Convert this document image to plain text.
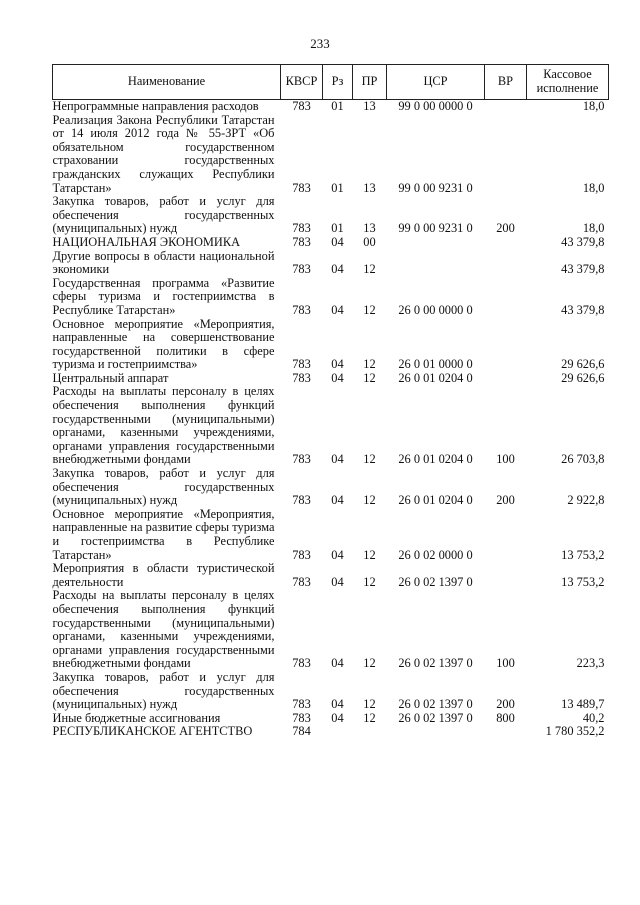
233
Наименование	КВСР	Рз	ПР	ЦСР	ВР	Кассовое исполнение
Непрограммные направления расходов	783	01	13	99 0 00 0000 0		18,0
Реализация Закона Республики Татарстан от 14 июля 2012 года № 55-ЗРТ «Об обязательном государственном страховании государственных гражданских служащих Республики Татарстан»	783	01	13	99 0 00 9231 0		18,0
Закупка товаров, работ и услуг для обеспечения государственных (муниципальных) нужд	783	01	13	99 0 00 9231 0	200	18,0
НАЦИОНАЛЬНАЯ ЭКОНОМИКА	783	04	00			43 379,8
Другие вопросы в области национальной экономики	783	04	12			43 379,8
Государственная программа «Развитие сферы туризма и гостеприимства в Республике Татарстан»	783	04	12	26 0 00 0000 0		43 379,8
Основное мероприятие «Мероприятия, направленные на совершенствование государственной политики в сфере туризма и гостеприимства»	783	04	12	26 0 01 0000 0		29 626,6
Центральный аппарат	783	04	12	26 0 01 0204 0		29 626,6
Расходы на выплаты персоналу в целях обеспечения выполнения функций государственными (муниципальными) органами, казенными учреждениями, органами управления государственными внебюджетными фондами	783	04	12	26 0 01 0204 0	100	26 703,8
Закупка товаров, работ и услуг для обеспечения государственных (муниципальных) нужд	783	04	12	26 0 01 0204 0	200	2 922,8
Основное мероприятие «Мероприятия, направленные на развитие сферы туризма и гостеприимства в Республике Татарстан»	783	04	12	26 0 02 0000 0		13 753,2
Мероприятия в области туристической деятельности	783	04	12	26 0 02 1397 0		13 753,2
Расходы на выплаты персоналу в целях обеспечения выполнения функций государственными (муниципальными) органами, казенными учреждениями, органами управления государственными внебюджетными фондами	783	04	12	26 0 02 1397 0	100	223,3
Закупка товаров, работ и услуг для обеспечения государственных (муниципальных) нужд	783	04	12	26 0 02 1397 0	200	13 489,7
Иные бюджетные ассигнования	783	04	12	26 0 02 1397 0	800	40,2
РЕСПУБЛИКАНСКОЕ АГЕНТСТВО	784					1 780 352,2
